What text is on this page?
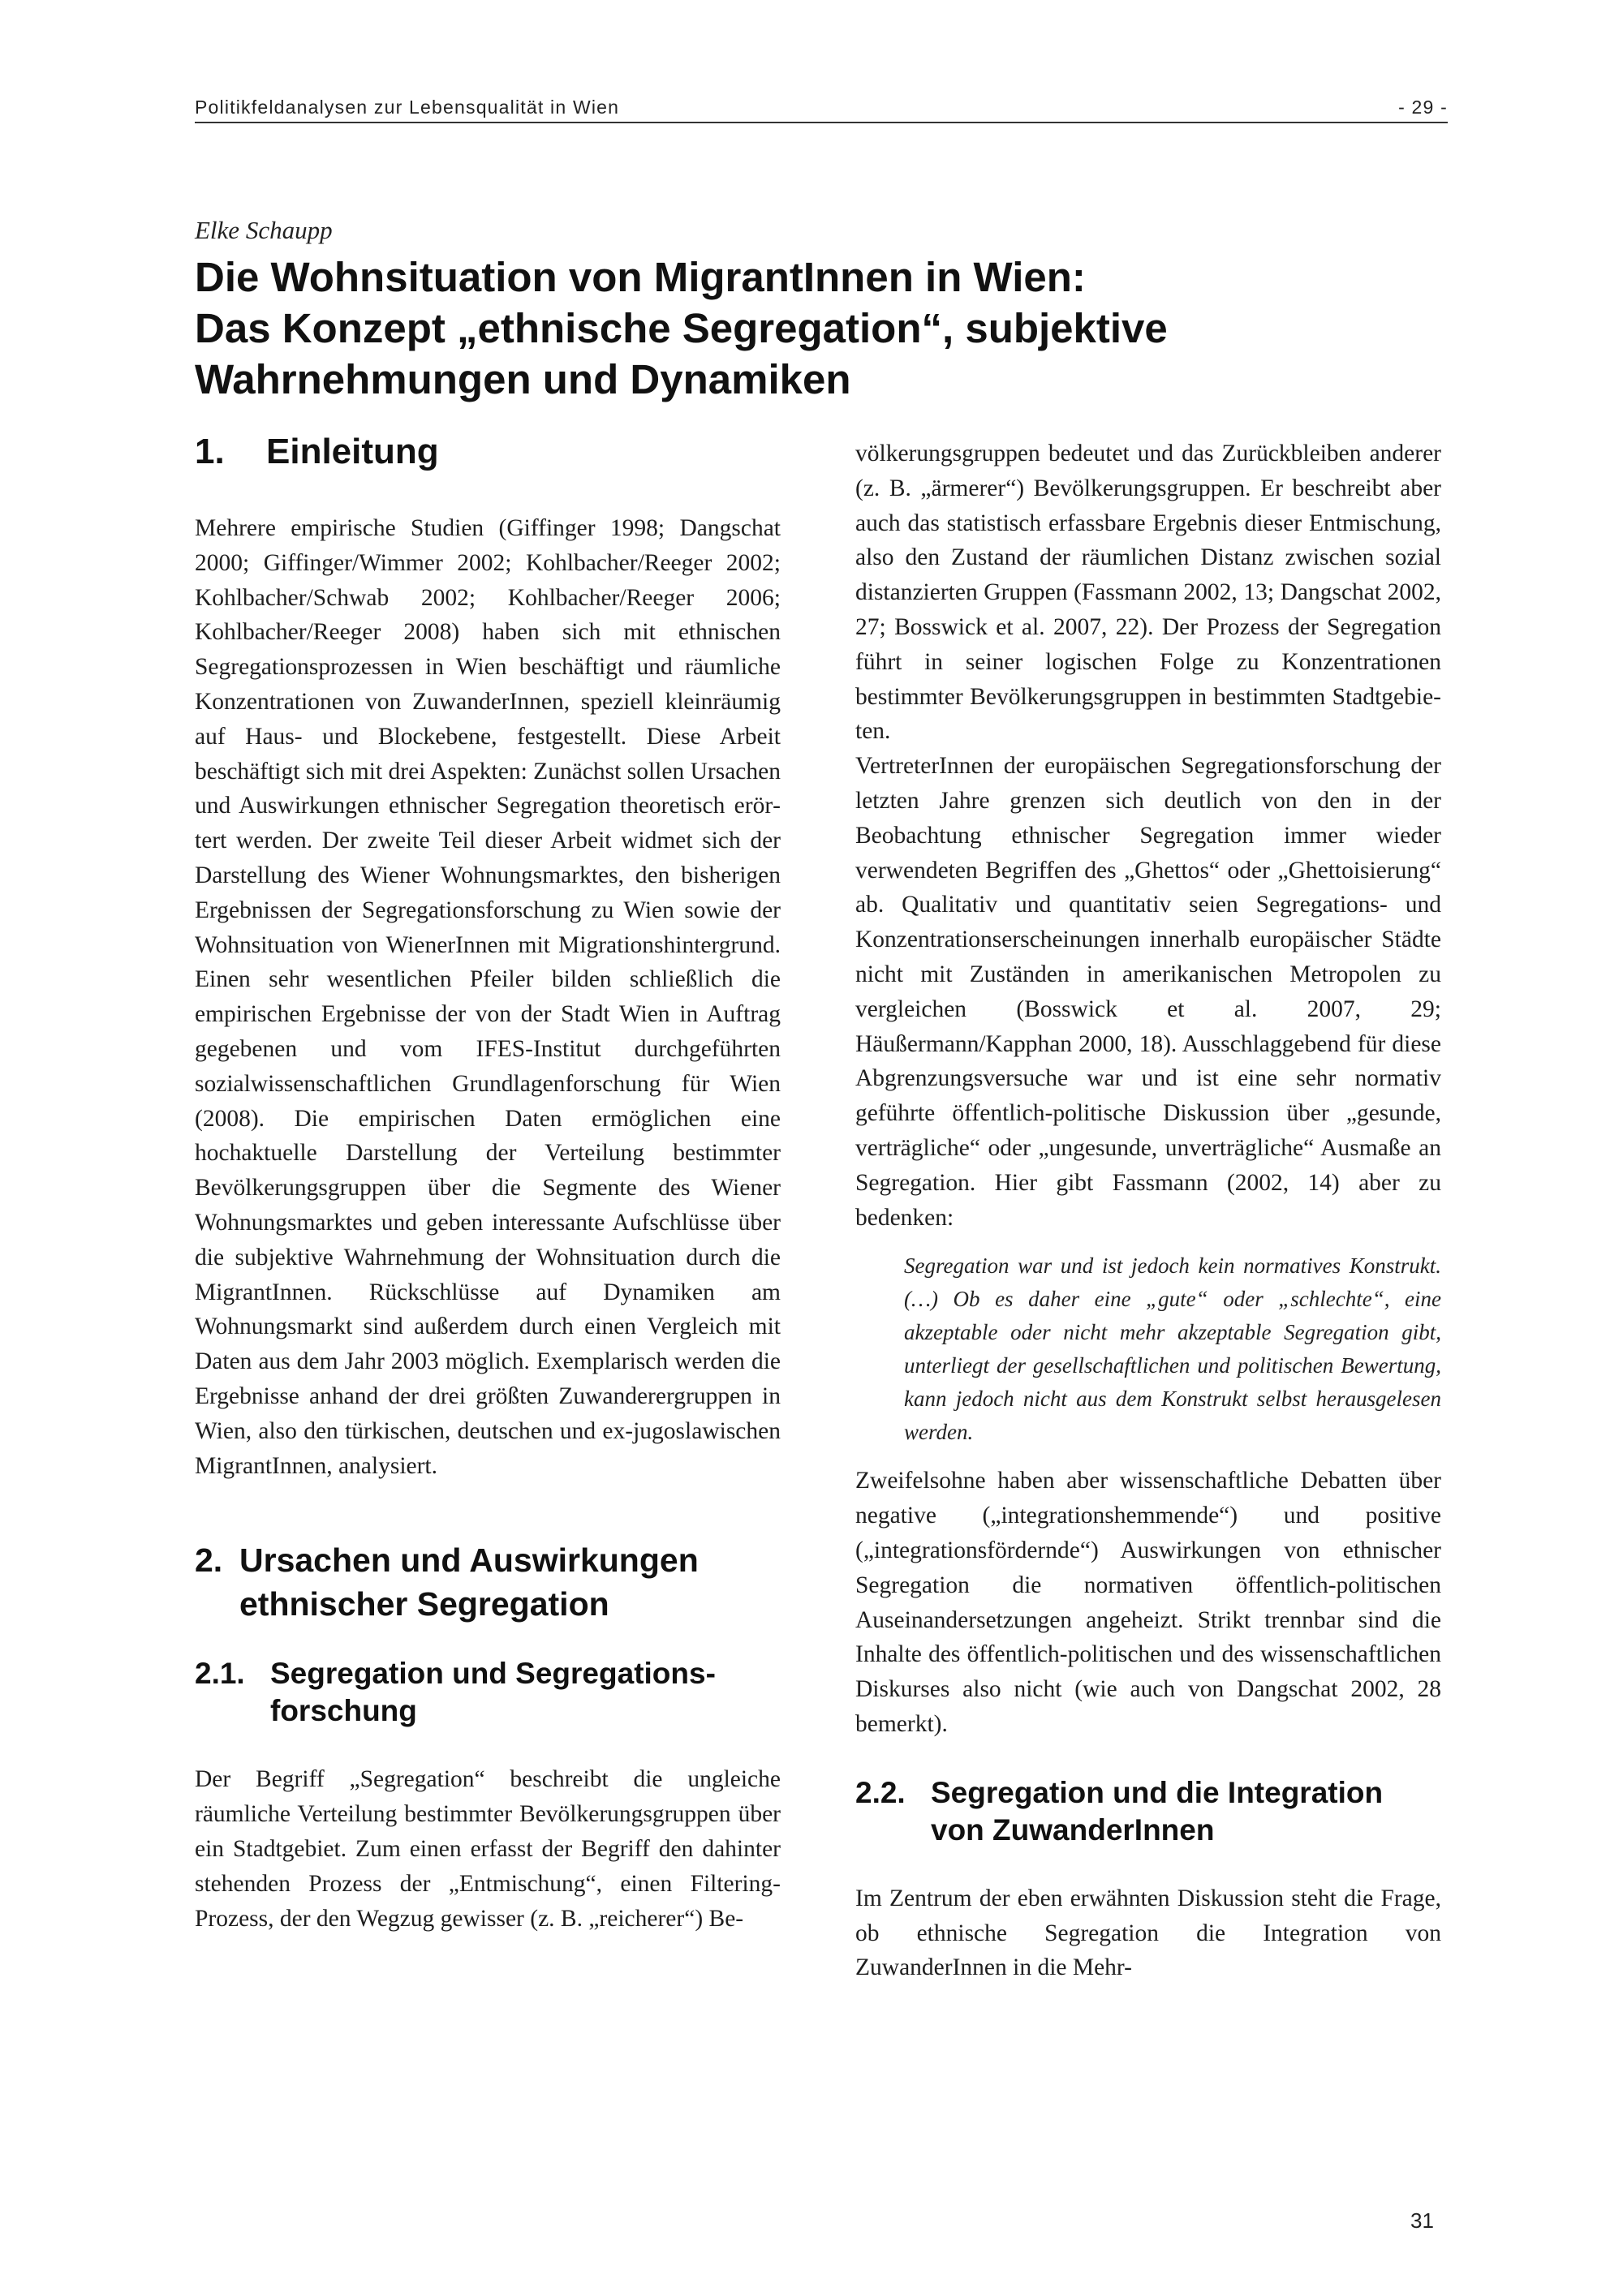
Politikfeldanalysen zur Lebensqualität in Wien	- 29 -
Elke Schaupp
Die Wohnsituation von MigrantInnen in Wien:
Das Konzept „ethnische Segregation“, subjektive
Wahrnehmungen und Dynamiken
1.	Einleitung

Mehrere empirische Studien (Giffinger 1998; Dangschat 2000; Giffinger/Wimmer 2002; Kohlbacher/Reeger 2002; Kohlbacher/Schwab 2002; Kohlbacher/Reeger 2006; Kohlbacher/Reeger 2008) haben sich mit ethnischen Segregationsprozessen in Wien beschäftigt und räumliche Konzentrationen von ZuwanderInnen, speziell kleinräumig auf Haus- und Blockebene, festgestellt. Diese Arbeit beschäftigt sich mit drei Aspekten: Zunächst sollen Ursachen und Auswirkungen ethnischer Segregation theoretisch erörtert werden. Der zweite Teil dieser Arbeit widmet sich der Darstellung des Wiener Wohnungsmarktes, den bisherigen Ergebnissen der Segregationsforschung zu Wien sowie der Wohnsituation von WienerInnen mit Migrationshintergrund. Einen sehr wesentlichen Pfeiler bilden schließlich die empirischen Ergebnisse der von der Stadt Wien in Auftrag gegebenen und vom IFES-Institut durchgeführten sozialwissenschaftlichen Grundlagenforschung für Wien (2008). Die empirischen Daten ermöglichen eine hochaktuelle Darstellung der Verteilung bestimmter Bevölkerungsgruppen über die Segmente des Wiener Wohnungsmarktes und geben interessante Aufschlüsse über die subjektive Wahrnehmung der Wohnsituation durch die MigrantInnen. Rückschlüsse auf Dynamiken am Wohnungsmarkt sind außerdem durch einen Vergleich mit Daten aus dem Jahr 2003 möglich. Exemplarisch werden die Ergebnisse anhand der drei größten Zuwanderergruppen in Wien, also den türkischen, deutschen und ex-jugoslawischen MigrantInnen, analysiert.

2. Ursachen und Auswirkungen
ethnischer Segregation
2.1. Segregation und Segregations-
forschung

Der Begriff „Segregation“ beschreibt die ungleiche räumliche Verteilung bestimmter Bevölkerungsgruppen über ein Stadtgebiet. Zum einen erfasst der Begriff den dahinter stehenden Prozess der „Entmischung“, einen Filtering-Prozess, der den Wegzug gewisser (z. B. „reicherer“) Be-

völkerungsgruppen bedeutet und das Zurückbleiben anderer (z. B. „ärmerer“) Bevölkerungsgruppen. Er beschreibt aber auch das statistisch erfassbare Ergebnis dieser Entmischung, also den Zustand der räumlichen Distanz zwischen sozial distanzierten Gruppen (Fassmann 2002, 13; Dangschat 2002, 27; Bosswick et al. 2007, 22). Der Prozess der Segregation führt in seiner logischen Folge zu Konzentrationen bestimmter Bevölkerungsgruppen in bestimmten Stadtgebieten.

VertreterInnen der europäischen Segregationsforschung der letzten Jahre grenzen sich deutlich von den in der Beobachtung ethnischer Segregation immer wieder verwendeten Begriffen des „Ghettos“ oder „Ghettoisierung“ ab. Qualitativ und quantitativ seien Segregations- und Konzentrationserscheinungen innerhalb europäischer Städte nicht mit Zuständen in amerikanischen Metropolen zu vergleichen (Bosswick et al. 2007, 29; Häußermann/Kapphan 2000, 18). Ausschlaggebend für diese Abgrenzungsversuche war und ist eine sehr normativ geführte öffentlich-politische Diskussion über „gesunde, verträgliche“ oder „ungesunde, unverträgliche“ Ausmaße an Segregation. Hier gibt Fassmann (2002, 14) aber zu bedenken:

Segregation war und ist jedoch kein normatives Konstrukt. (…) Ob es daher eine „gute“ oder „schlechte“, eine akzeptable oder nicht mehr akzeptable Segregation gibt, unterliegt der gesellschaftlichen und politischen Bewertung, kann jedoch nicht aus dem Konstrukt selbst herausgelesen werden.

Zweifelsohne haben aber wissenschaftliche Debatten über negative („integrationshemmende“) und positive („integrationsfördernde“) Auswirkungen von ethnischer Segregation die normativen öffentlich-politischen Auseinandersetzungen angeheizt. Strikt trennbar sind die Inhalte des öffentlich-politischen und des wissenschaftlichen Diskurses also nicht (wie auch von Dangschat 2002, 28 bemerkt).

2.2. Segregation und die Integration
von ZuwanderInnen

Im Zentrum der eben erwähnten Diskussion steht die Frage, ob ethnische Segregation die Integration von ZuwanderInnen in die Mehr-

31
